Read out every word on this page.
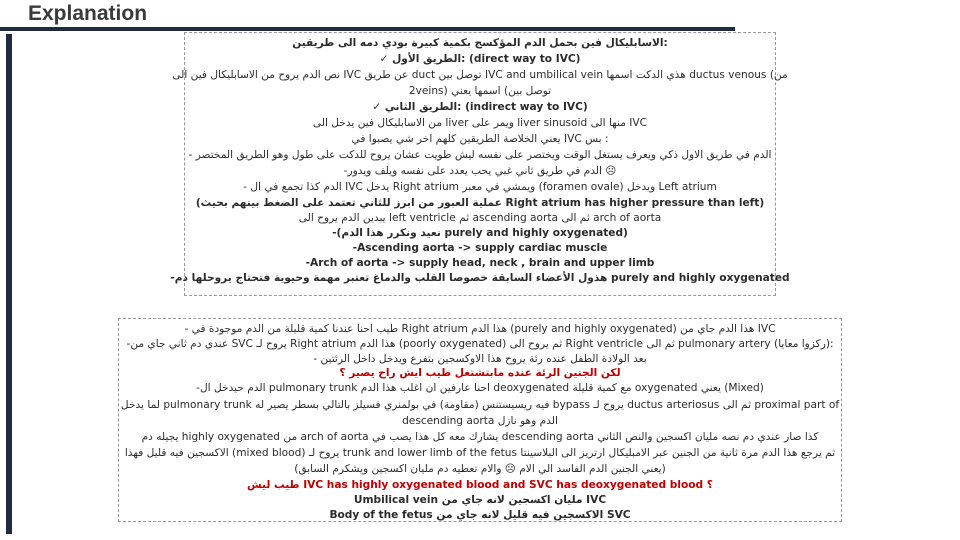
Explanation
الاسابليكال فين بحمل الدم المؤكسج بكمية كبيرة بودي دمه الى طريقين:
✓ الطريق الأول: (direct way to IVC)
نص الدم يروح من الاسابليكال فين الى IVC عن طريق duct توصل بين IVC and umbilical vein هذي الدكت اسمها ductus venous (من
2veins) توصل بين) اسمها يعني
✓ الطريق الثاني: (indirect way to IVC)
من الاسابليكال فين يدخل الى liver ويمر على liver sinusoid منها الى IVC
يعني الخلاصة الطريقين كلهم اخر شي يصبوا في IVC بس :
- الدم في طريق الاول ذكي ويعرف يستغل الوقت ويختصر على نفسه ليش طويت عشان يروح للدكت على طول وهو الطريق المختصر
-الدم في طريق ثاني غبي يحب يعدد على نفسه ويلف ويدور ☹
- الدم كذا تجمع في ال IVC يدخل Right atrium ويمشي في معبر (foramen ovale) ويدخل Left atrium
(عملية العبور من ابرز للثاني تعتمد على الضغط بينهم بحيث Right atrium has higher pressure than left)
يبدين الدم يروح الى left ventricle ثم ascending aorta ثم الى arch of aorta
-(نعيد ونكرر هذا الدم purely and highly oxygenated)
-Ascending aorta -> supply cardiac muscle
-Arch of aorta -> supply head, neck , brain and upper limb
-هذول الأعضاء السابقة خصوصا القلب والدماغ تعتبر مهمة وحيوية فتحتاج يروحلها دم purely and highly oxygenated
- طيب احنا عندنا كمية قليلة من الدم موجودة في Right atrium هذا الدم (purely and highly oxygenated) هذا الدم جاي من IVC
-عندي دم ثاني جاي من SVC يروح لـ Right atrium هذا الدم (poorly oxygenated) ثم يروح الى Right ventricle ثم الى pulmonary artery (ركزوا معايا):
- بعد الولادة الطفل عنده رئة يروح هذا الاوكسجين بتفرع ويدخل داخل الرئتين
لكن الجنين الرئة عنده مابتشتغل طيب ايش راح يصير ؟
-الدم حيدخل ال pulmonary trunk احنا عارفين ان اغلب هذا الدم deoxygenated مع كمية قليلة oxygenated يعني (Mixed)
لما يدخل pulmonary trunk فيه ريسيستنس (مقاومة) في بولمنري فسيلز بالتالي بسطر يصير له bypass يروح لـ ductus arteriosus ثم الى proximal part of
descending aorta الدم وهو نازل
يجيله دم highly oxygenated من arch of aorta يشارك معه كل هذا يصب في descending aorta كذا صار عندي دم نصه مليان اكسجين والنص الثاني
الاكسجين فيه قليل فهذا (mixed blood) يروح لـ trunk and lower limb of the fetus ثم يرجع هذا الدم مرة ثانية من الجنين عبر الامبليكال ارتريز الى البلاسينتا
(يعني الجنين الدم الفاسد الي الام ☹ والام تعطيه دم مليان اكسجين ويشكرم السابق)
طيب ليش IVC has highly oxygenated blood and SVC has deoxygenated blood ؟
Umbilical vein مليان اكسجين لانه جاي من IVC
Body of the fetus الاكسجين فيه قليل لانه جاي من SVC
